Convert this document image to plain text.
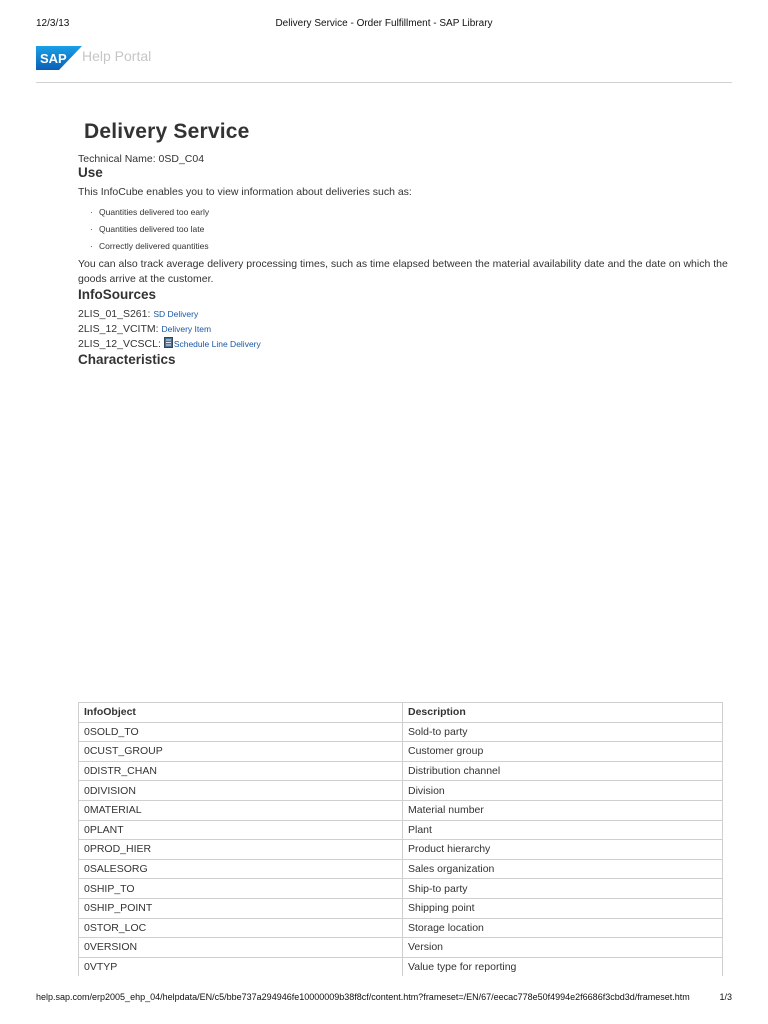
12/3/13	Delivery Service - Order Fulfillment - SAP Library
SAP Help Portal
Delivery Service
Technical Name: 0SD_C04
Use
This InfoCube enables you to view information about deliveries such as:
· Quantities delivered too early
· Quantities delivered too late
· Correctly delivered quantities
You can also track average delivery processing times, such as time elapsed between the material availability date and the date on which the goods arrive at the customer.
InfoSources
2LIS_01_S261: SD Delivery
2LIS_12_VCITM: Delivery Item
2LIS_12_VCSCL: Schedule Line Delivery
Characteristics
InfoObject	Description
0SOLD_TO	Sold-to party
0CUST_GROUP	Customer group
0DISTR_CHAN	Distribution channel
0DIVISION	Division
0MATERIAL	Material number
0PLANT	Plant
0PROD_HIER	Product hierarchy
0SALESORG	Sales organization
0SHIP_TO	Ship-to party
0SHIP_POINT	Shipping point
0STOR_LOC	Storage location
0VERSION	Version
0VTYP	Value type for reporting
help.sap.com/erp2005_ehp_04/helpdata/EN/c5/bbe737a294946fe10000009b38f8cf/content.htm?frameset=/EN/67/eecac778e50f4994e2f6686f3cbd3d/frameset.htm	1/3
